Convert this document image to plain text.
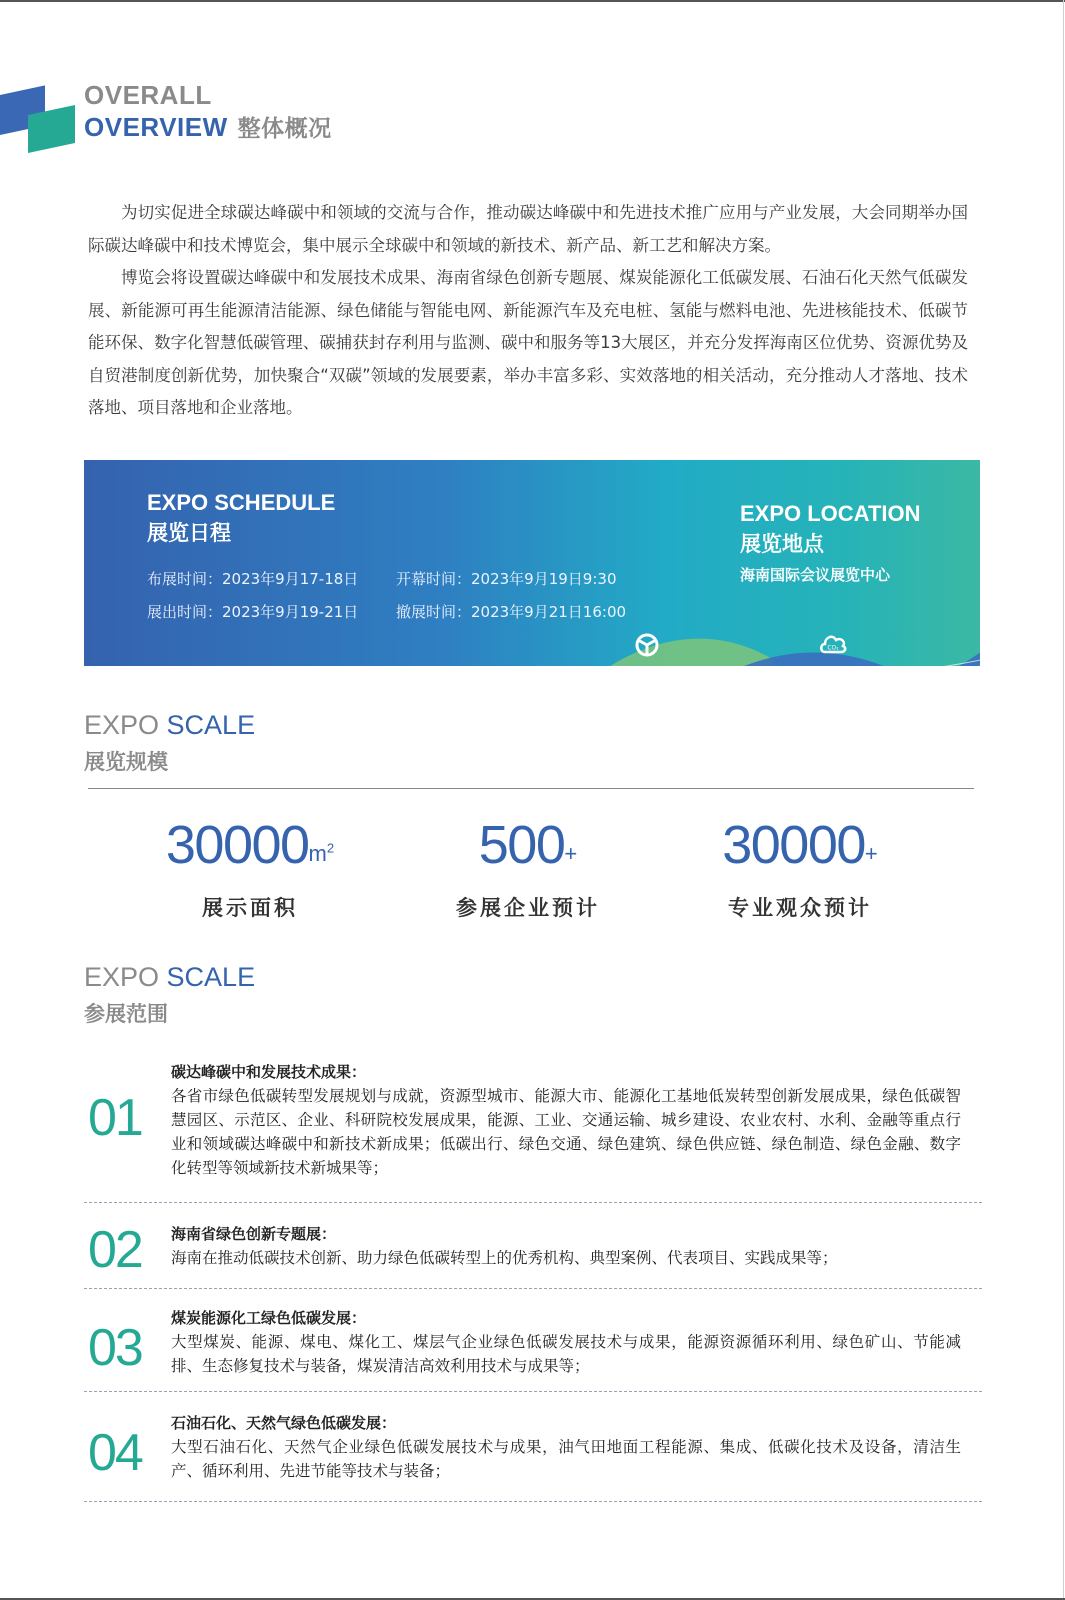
OVERALL
OVERVIEW 整体概况

为切实促进全球碳达峰碳中和领域的交流与合作，推动碳达峰碳中和先进技术推广应用与产业发展，大会同期举办国际碳达峰碳中和技术博览会，集中展示全球碳中和领域的新技术、新产品、新工艺和解决方案。

博览会将设置碳达峰碳中和发展技术成果、海南省绿色创新专题展、煤炭能源化工低碳发展、石油石化天然气低碳发展、新能源可再生能源清洁能源、绿色储能与智能电网、新能源汽车及充电桩、氢能与燃料电池、先进核能技术、低碳节能环保、数字化智慧低碳管理、碳捕获封存利用与监测、碳中和服务等13大展区，并充分发挥海南区位优势、资源优势及自贸港制度创新优势，加快聚合“双碳”领域的发展要素，举办丰富多彩、实效落地的相关活动，充分推动人才落地、技术落地、项目落地和企业落地。

EXPO SCHEDULE
展览日程
布展时间：2023年9月17-18日	开幕时间：2023年9月19日9:30
展出时间：2023年9月19-21日	撤展时间：2023年9月21日16:00
EXPO LOCATION
展览地点
海南国际会议展览中心
CO₂
EXPO SCALE
展览规模
$30000m^2$
展示面积
500+
参展企业预计
30000+
专业观众预计
EXPO SCALE
参展范围
01
碳达峰碳中和发展技术成果：
各省市绿色低碳转型发展规划与成就，资源型城市、能源大市、能源化工基地低炭转型创新发展成果，绿色低碳智慧园区、示范区、企业、科研院校发展成果，能源、工业、交通运输、城乡建设、农业农村、水利、金融等重点行业和领域碳达峰碳中和新技术新成果；低碳出行、绿色交通、绿色建筑、绿色供应链、绿色制造、绿色金融、数字化转型等领域新技术新城果等；
02 海南省绿色创新专题展：
海南在推动低碳技术创新、助力绿色低碳转型上的优秀机构、典型案例、代表项目、实践成果等；
03
煤炭能源化工绿色低碳发展：
大型煤炭、能源、煤电、煤化工、煤层气企业绿色低碳发展技术与成果，能源资源循环利用、绿色矿山、节能减排、生态修复技术与装备，煤炭清洁高效利用技术与成果等；
04
石油石化、天然气绿色低碳发展：
大型石油石化、天然气企业绿色低碳发展技术与成果，油气田地面工程能源、集成、低碳化技术及设备，清洁生产、循环利用、先进节能等技术与装备；
